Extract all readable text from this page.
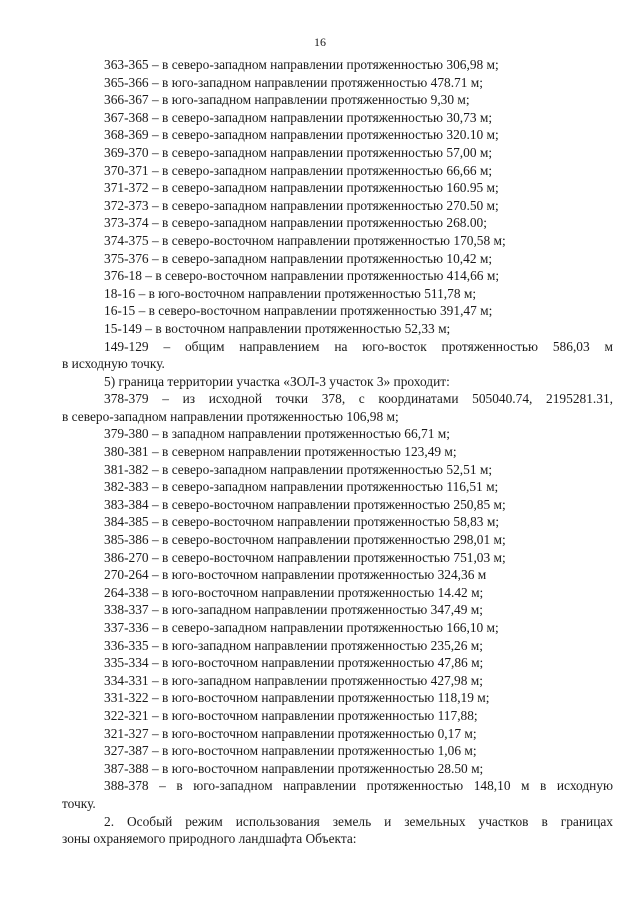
16
363-365 – в северо-западном направлении протяженностью 306,98 м;
365-366 – в юго-западном направлении протяженностью 478.71 м;
366-367 – в юго-западном направлении протяженностью 9,30 м;
367-368 – в северо-западном направлении протяженностью 30,73 м;
368-369 – в северо-западном направлении протяженностью 320.10 м;
369-370 – в северо-западном направлении протяженностью 57,00 м;
370-371 – в северо-западном направлении протяженностью 66,66 м;
371-372 – в северо-западном направлении протяженностью 160.95 м;
372-373 – в северо-западном направлении протяженностью 270.50 м;
373-374 – в северо-западном направлении протяженностью 268.00;
374-375 – в северо-восточном направлении протяженностью 170,58 м;
375-376 – в северо-западном направлении протяженностью 10,42 м;
376-18 – в северо-восточном направлении протяженностью 414,66 м;
18-16 – в юго-восточном направлении протяженностью 511,78 м;
16-15 – в северо-восточном направлении протяженностью 391,47 м;
15-149 – в восточном направлении протяженностью 52,33 м;
149-129 – общим направлением на юго-восток протяженностью 586,03 м
в исходную точку.
5) граница территории участка «ЗОЛ-3 участок 3» проходит:
378-379 – из исходной точки 378, с координатами 505040.74, 2195281.31,
в северо-западном направлении протяженностью 106,98 м;
379-380 – в западном направлении протяженностью 66,71 м;
380-381 – в северном направлении протяженностью 123,49 м;
381-382 – в северо-западном направлении протяженностью 52,51 м;
382-383 – в северо-западном направлении протяженностью 116,51 м;
383-384 – в северо-восточном направлении протяженностью 250,85 м;
384-385 – в северо-восточном направлении протяженностью 58,83 м;
385-386 – в северо-восточном направлении протяженностью 298,01 м;
386-270 – в северо-восточном направлении протяженностью 751,03 м;
270-264 – в юго-восточном направлении протяженностью 324,36 м
264-338 – в юго-восточном направлении протяженностью 14.42 м;
338-337 – в юго-западном направлении протяженностью 347,49 м;
337-336 – в северо-западном направлении протяженностью 166,10 м;
336-335 – в юго-западном направлении протяженностью 235,26 м;
335-334 – в юго-восточном направлении протяженностью 47,86 м;
334-331 – в юго-западном направлении протяженностью 427,98 м;
331-322 – в юго-восточном направлении протяженностью 118,19 м;
322-321 – в юго-восточном направлении протяженностью 117,88;
321-327 – в юго-восточном направлении протяженностью 0,17 м;
327-387 – в юго-восточном направлении протяженностью 1,06 м;
387-388 – в юго-восточном направлении протяженностью 28.50 м;
388-378 – в юго-западном направлении протяженностью 148,10 м в исходную
точку.
2. Особый режим использования земель и земельных участков в границах
зоны охраняемого природного ландшафта Объекта:
